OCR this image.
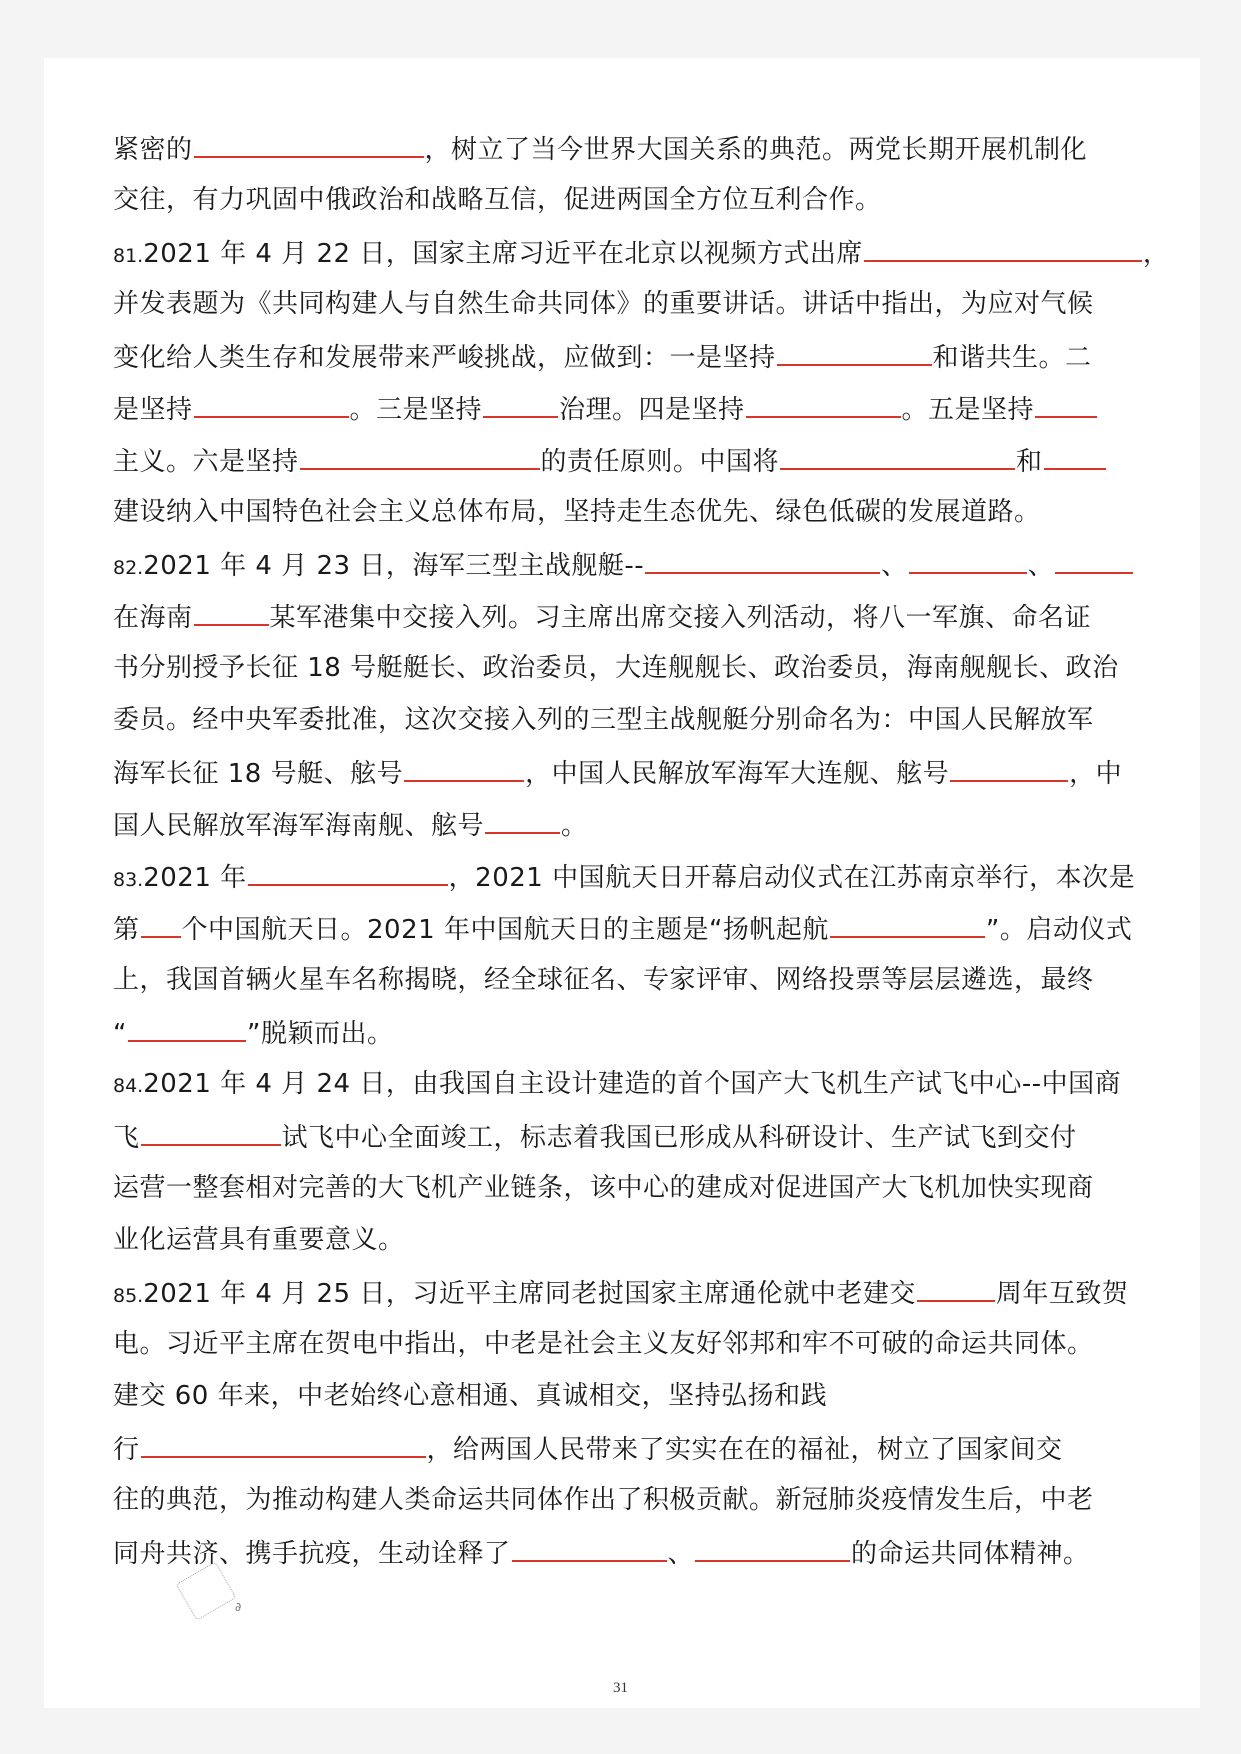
紧密的	，树立了当今世界大国关系的典范。两党长期开展机制化
交往，有力巩固中俄政治和战略互信，促进两国全方位互利合作。
81.2021 年 4 月 22 日，国家主席习近平在北京以视频方式出席	，
并发表题为《共同构建人与自然生命共同体》的重要讲话。讲话中指出，为应对气候
变化给人类生存和发展带来严峻挑战，应做到：一是坚持	和谐共生。二
是坚持	。三是坚持	治理。四是坚持	。五是坚持
主义。六是坚持	的责任原则。中国将	和
建设纳入中国特色社会主义总体布局，坚持走生态优先、绿色低碳的发展道路。
82.2021 年 4 月 23 日，海军三型主战舰艇--	、	、
在海南	某军港集中交接入列。习主席出席交接入列活动，将八一军旗、命名证
书分别授予长征 18 号艇艇长、政治委员，大连舰舰长、政治委员，海南舰舰长、政治
委员。经中央军委批准，这次交接入列的三型主战舰艇分别命名为：中国人民解放军
海军长征 18 号艇、舷号	，中国人民解放军海军大连舰、舷号	，中
国人民解放军海军海南舰、舷号	。
83.2021 年	，2021 中国航天日开幕启动仪式在江苏南京举行，本次是
第 个中国航天日。2021 年中国航天日的主题是“扬帆起航	”。启动仪式
上，我国首辆火星车名称揭晓，经全球征名、专家评审、网络投票等层层遴选，最终
“	”脱颖而出。
84.2021 年 4 月 24 日，由我国自主设计建造的首个国产大飞机生产试飞中心--中国商
飞	试飞中心全面竣工，标志着我国已形成从科研设计、生产试飞到交付
运营一整套相对完善的大飞机产业链条，该中心的建成对促进国产大飞机加快实现商
业化运营具有重要意义。
85.2021 年 4 月 25 日，习近平主席同老挝国家主席通伦就中老建交	周年互致贺
电。习近平主席在贺电中指出，中老是社会主义友好邻邦和牢不可破的命运共同体。
建交 60 年来，中老始终心意相通、真诚相交，坚持弘扬和践
行	，给两国人民带来了实实在在的福祉，树立了国家间交
往的典范，为推动构建人类命运共同体作出了积极贡献。新冠肺炎疫情发生后，中老
同舟共济、携手抗疫，生动诠释了	、	的命运共同体精神。
∂
31
